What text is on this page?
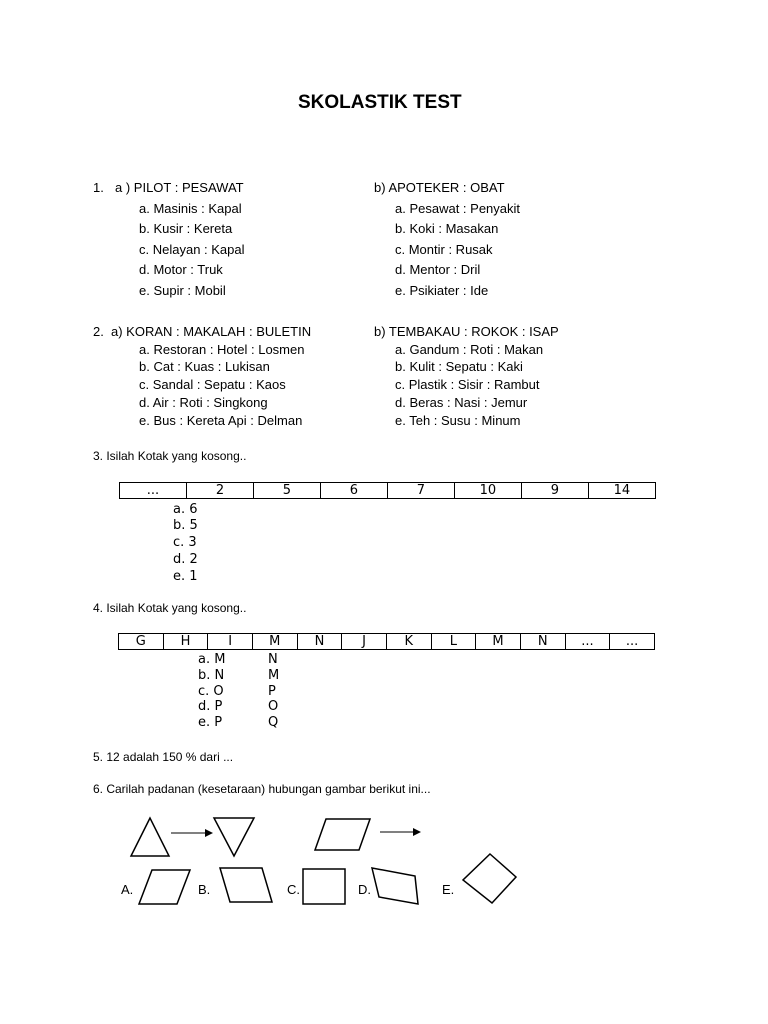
SKOLASTIK TEST
1. a ) PILOT : PESAWAT	b) APOTEKER : OBAT
a. Masinis : Kapal
b. Kusir : Kereta
c. Nelayan : Kapal
d. Motor : Truk
e. Supir : Mobil
a. Pesawat : Penyakit
b. Koki : Masakan
c. Montir : Rusak
d. Mentor : Dril
e. Psikiater : Ide
2. a) KORAN : MAKALAH : BULETIN	b) TEMBAKAU : ROKOK : ISAP
a. Restoran : Hotel : Losmen
b. Cat : Kuas : Lukisan
c. Sandal : Sepatu : Kaos
d. Air : Roti : Singkong
e. Bus : Kereta Api : Delman
a. Gandum : Roti : Makan
b. Kulit : Sepatu : Kaki
c. Plastik : Sisir : Rambut
d. Beras : Nasi : Jemur
e. Teh : Susu : Minum
3. Isilah Kotak yang kosong..
...	2	5	6	7	10	9	14
a. 6
b. 5
c. 3
d. 2
e. 1
4. Isilah Kotak yang kosong..
G	H	I	M	N	J	K	L	M	N	...	...
a. M	N
b. N	M
c. O	P
d. P	O
e. P	Q
5. 12 adalah 150 % dari ...
6. Carilah padanan (kesetaraan) hubungan gambar berikut ini...
A.	B.	C.	D.	E.
